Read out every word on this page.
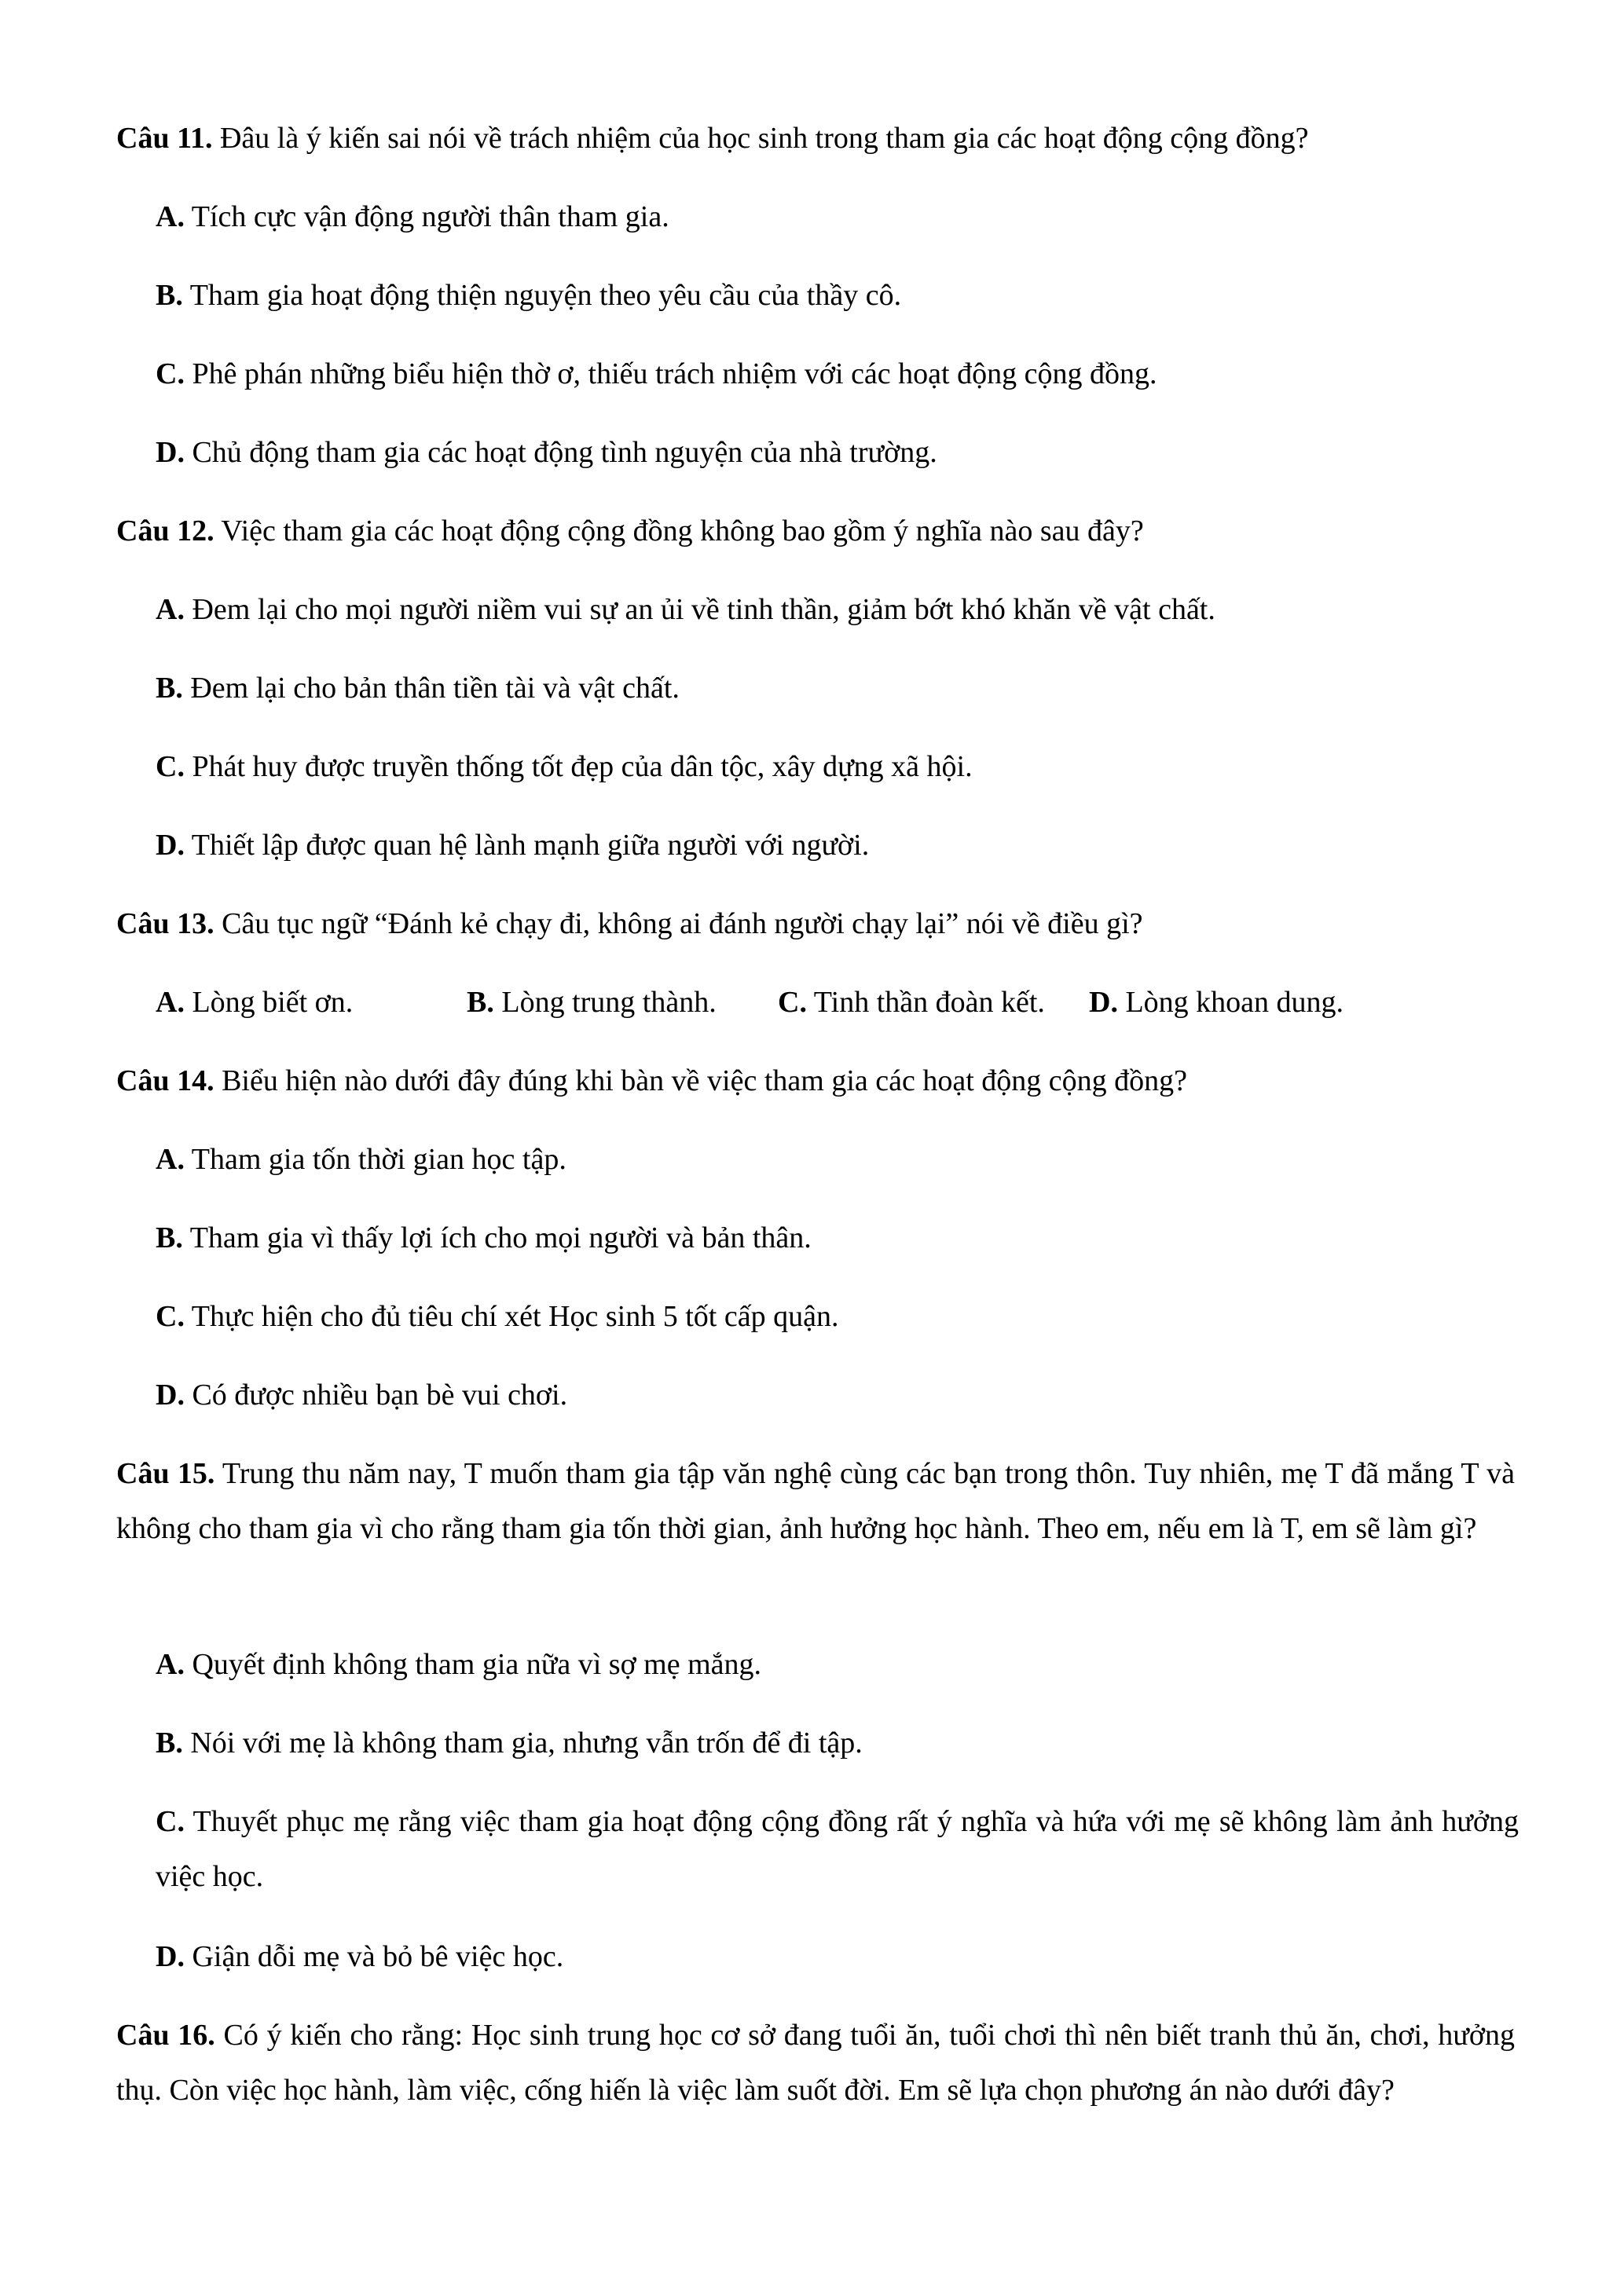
Câu 11. Đâu là ý kiến sai nói về trách nhiệm của học sinh trong tham gia các hoạt động cộng đồng?
A. Tích cực vận động người thân tham gia.
B. Tham gia hoạt động thiện nguyện theo yêu cầu của thầy cô.
C. Phê phán những biểu hiện thờ ơ, thiếu trách nhiệm với các hoạt động cộng đồng.
D. Chủ động tham gia các hoạt động tình nguyện của nhà trường.
Câu 12. Việc tham gia các hoạt động cộng đồng không bao gồm ý nghĩa nào sau đây?
A. Đem lại cho mọi người niềm vui sự an ủi về tinh thần, giảm bớt khó khăn về vật chất.
B. Đem lại cho bản thân tiền tài và vật chất.
C. Phát huy được truyền thống tốt đẹp của dân tộc, xây dựng xã hội.
D. Thiết lập được quan hệ lành mạnh giữa người với người.
Câu 13. Câu tục ngữ “Đánh kẻ chạy đi, không ai đánh người chạy lại” nói về điều gì?
A. Lòng biết ơn.	B. Lòng trung thành. C. Tinh thần đoàn kết. D. Lòng khoan dung.
Câu 14. Biểu hiện nào dưới đây đúng khi bàn về việc tham gia các hoạt động cộng đồng?
A. Tham gia tốn thời gian học tập.
B. Tham gia vì thấy lợi ích cho mọi người và bản thân.
C. Thực hiện cho đủ tiêu chí xét Học sinh 5 tốt cấp quận.
D. Có được nhiều bạn bè vui chơi.
Câu 15. Trung thu năm nay, T muốn tham gia tập văn nghệ cùng các bạn trong thôn. Tuy nhiên, mẹ T đã mắng T và không cho tham gia vì cho rằng tham gia tốn thời gian, ảnh hưởng học hành. Theo em, nếu em là T, em sẽ làm gì?
A. Quyết định không tham gia nữa vì sợ mẹ mắng.
B. Nói với mẹ là không tham gia, nhưng vẫn trốn để đi tập.
C. Thuyết phục mẹ rằng việc tham gia hoạt động cộng đồng rất ý nghĩa và hứa với mẹ sẽ không làm ảnh hưởng việc học.
D. Giận dỗi mẹ và bỏ bê việc học.
Câu 16. Có ý kiến cho rằng: Học sinh trung học cơ sở đang tuổi ăn, tuổi chơi thì nên biết tranh thủ ăn, chơi, hưởng thụ. Còn việc học hành, làm việc, cống hiến là việc làm suốt đời. Em sẽ lựa chọn phương án nào dưới đây?
